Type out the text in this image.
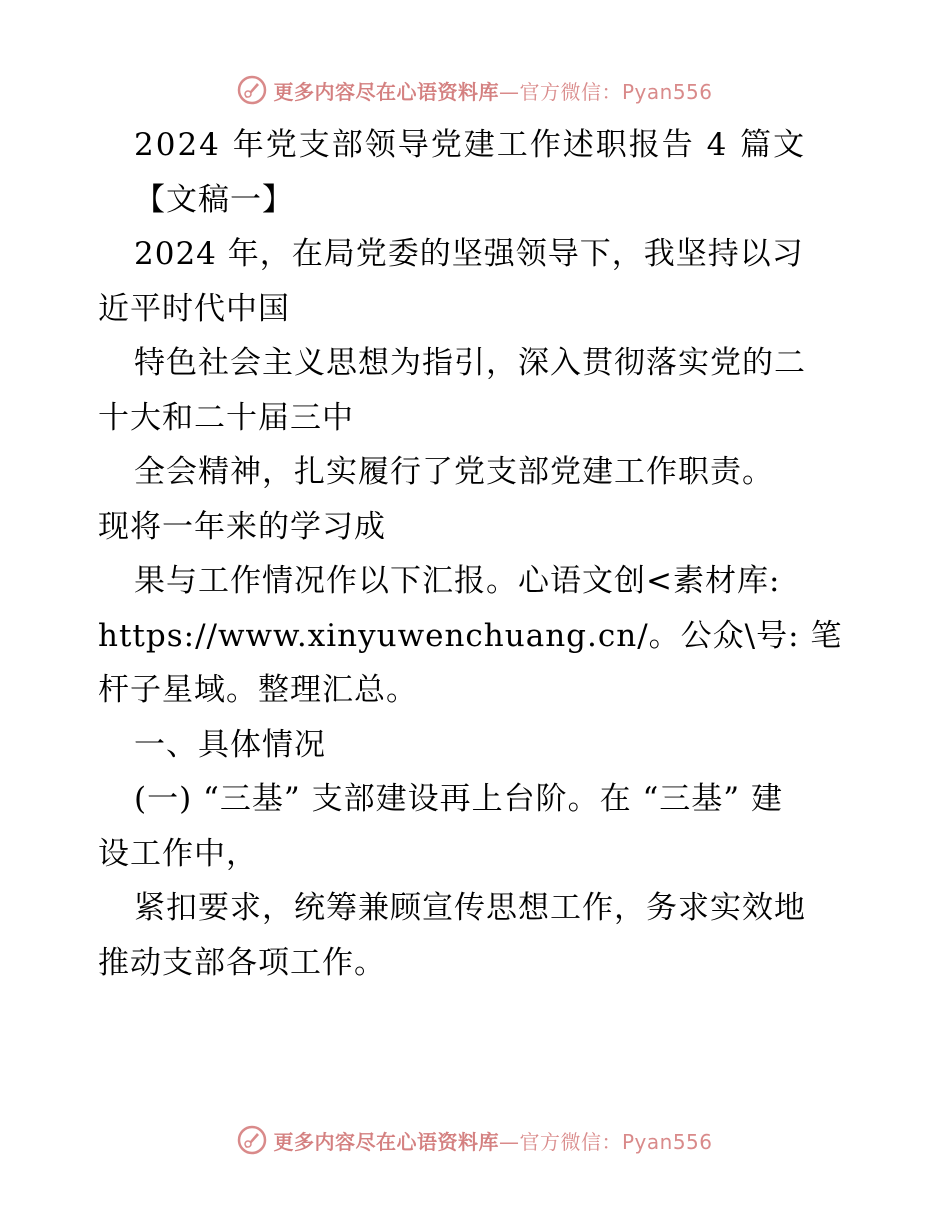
更多内容尽在心语资料库—官方微信：Pyan556
2024 年党支部领导党建工作述职报告 4 篇文
【文稿一】
2024 年，在局党委的坚强领导下，我坚持以习
近平时代中国
特色社会主义思想为指引，深入贯彻落实党的二
十大和二十届三中
全会精神，扎实履行了党支部党建工作职责。
现将一年来的学习成
果与工作情况作以下汇报。心语文创<素材库:
https://www.xinyuwenchuang.cn/。公众\号: 笔
杆子星域。整理汇总。
一、具体情况
(一) “三基” 支部建设再上台阶。在 “三基” 建
设工作中，
紧扣要求，统筹兼顾宣传思想工作，务求实效地
推动支部各项工作。
更多内容尽在心语资料库—官方微信：Pyan556
